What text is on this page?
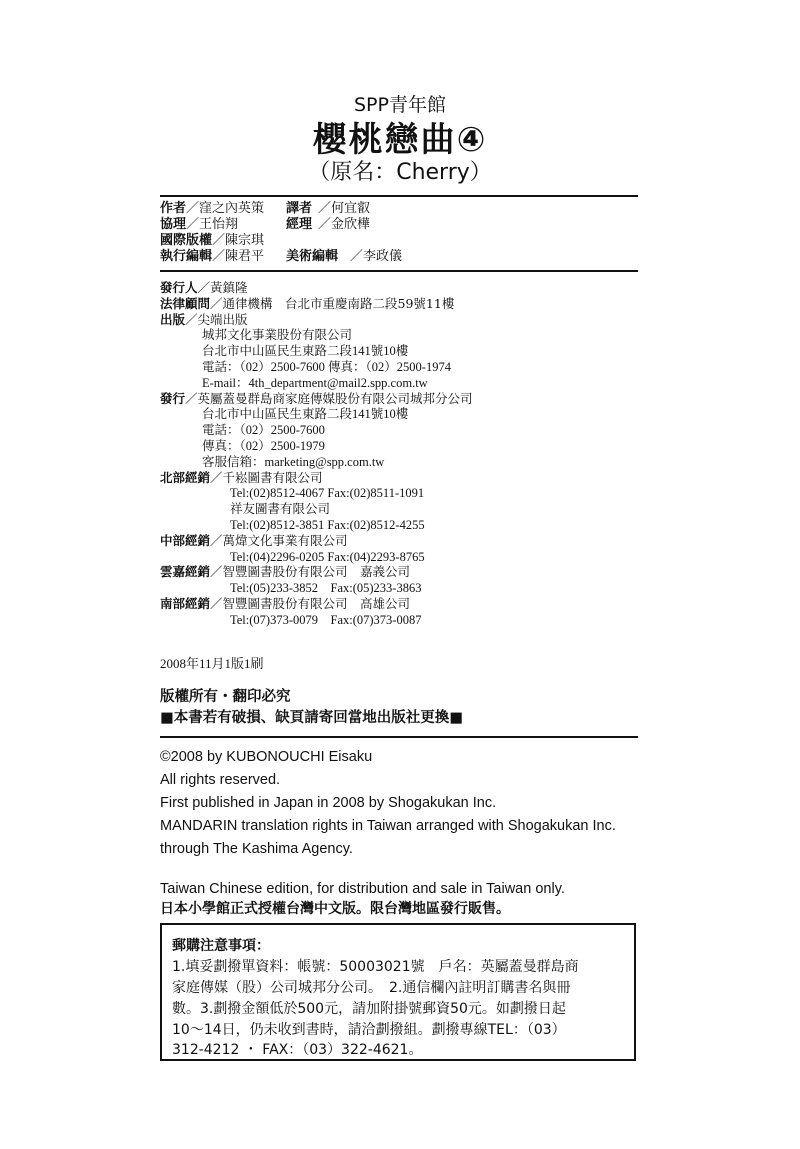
SPP青年館
櫻桃戀曲④
（原名：Cherry）
作者／窪之內英策 譯者 ／何宜叡
協理／王怡翔	經理 ／金欣樺
國際版權／陳宗琪
執行編輯／陳君平 美術編輯 ／李政儀
發行人／黃鎮隆
法律顧問／通律機構　台北市重慶南路二段59號11樓
出版／尖端出版
城邦文化事業股份有限公司
台北市中山區民生東路二段141號10樓
電話：（02）2500-7600 傳真：（02）2500-1974
E-mail：4th_department@mail2.spp.com.tw
發行／英屬蓋曼群島商家庭傳媒股份有限公司城邦分公司
台北市中山區民生東路二段141號10樓
電話：（02）2500-7600
傳真：（02）2500-1979
客服信箱：marketing@spp.com.tw
北部經銷／千崧圖書有限公司
Tel:(02)8512-4067 Fax:(02)8511-1091
祥友圖書有限公司
Tel:(02)8512-3851 Fax:(02)8512-4255
中部經銷／萬煒文化事業有限公司
Tel:(04)2296-0205 Fax:(04)2293-8765
雲嘉經銷／智豐圖書股份有限公司　嘉義公司
Tel:(05)233-3852　Fax:(05)233-3863
南部經銷／智豐圖書股份有限公司　高雄公司
Tel:(07)373-0079　Fax:(07)373-0087
2008年11月1版1刷
版權所有・翻印必究
■本書若有破損、缺頁請寄回當地出版社更換■
©2008 by KUBONOUCHI Eisaku
All rights reserved.
First published in Japan in 2008 by Shogakukan Inc.
MANDARIN translation rights in Taiwan arranged with Shogakukan Inc.
through The Kashima Agency.
Taiwan Chinese edition, for distribution and sale in Taiwan only.
日本小學館正式授權台灣中文版。限台灣地區發行販售。
郵購注意事項：
1.填妥劃撥單資料：帳號：50003021號　戶名：英屬蓋曼群島商
家庭傳媒（股）公司城邦分公司。　2.通信欄內註明訂購書名與冊
數。3.劃撥金額低於500元，請加附掛號郵資50元。如劃撥日起
10～14日，仍未收到書時，請洽劃撥組。劃撥專線TEL：（03）
312-4212 ・ FAX：（03）322-4621。
